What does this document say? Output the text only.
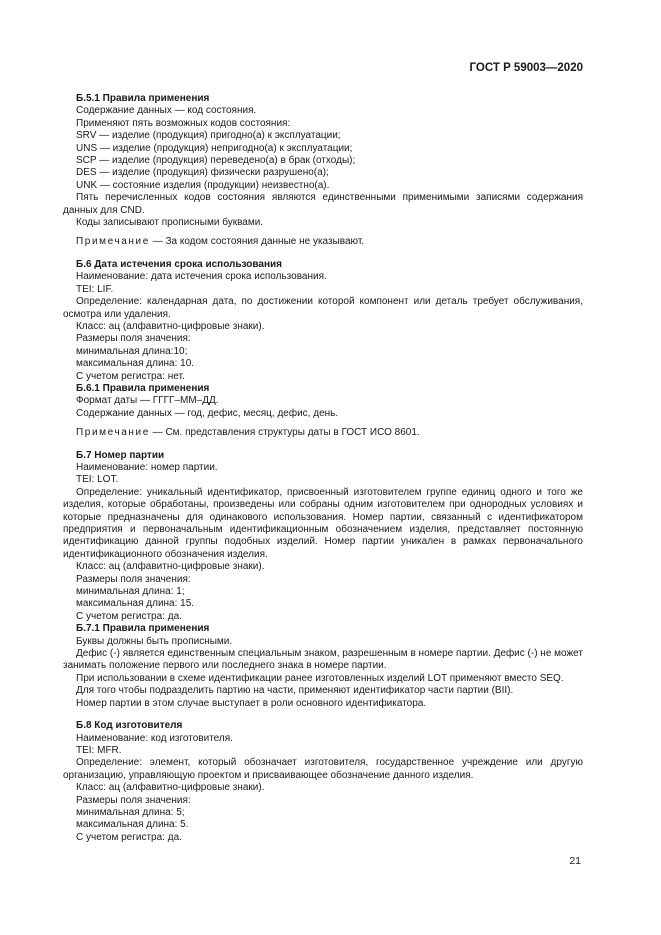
ГОСТ Р 59003—2020

Б.5.1 Правила применения

Содержание данных — код состояния.

Применяют пять возможных кодов состояния:

SRV — изделие (продукция) пригодно(а) к эксплуатации;

UNS — изделие (продукция) непригодно(а) к эксплуатации;

SCP — изделие (продукция) переведено(а) в брак (отходы);

DES — изделие (продукция) физически разрушено(а);

UNK — состояние изделия (продукции) неизвестно(а).

Пять перечисленных кодов состояния являются единственными применимыми записями содержания данных для CND.

Коды записывают прописными буквами.

Примечание — За кодом состояния данные не указывают.

Б.6 Дата истечения срока использования

Наименование: дата истечения срока использования.

TEI: LIF.

Определение: календарная дата, по достижении которой компонент или деталь требует обслуживания, осмотра или удаления.

Класс: ац (алфавитно-цифровые знаки).

Размеры поля значения:

минимальная длина:10;

максимальная длина: 10.

С учетом регистра: нет.

Б.6.1 Правила применения

Формат даты — ГГГГ–ММ–ДД.

Содержание данных — год, дефис, месяц, дефис, день.

Примечание — См. представления структуры даты в ГОСТ ИСО 8601.

Б.7 Номер партии

Наименование: номер партии.

TEI: LOT.

Определение: уникальный идентификатор, присвоенный изготовителем группе единиц одного и того же изделия, которые обработаны, произведены или собраны одним изготовителем при однородных условиях и которые предназначены для одинакового использования. Номер партии, связанный с идентификатором предприятия и первоначальным идентификационным обозначением изделия, представляет постоянную идентификацию данной группы подобных изделий. Номер партии уникален в рамках первоначального идентификационного обозначения изделия.

Класс: ац (алфавитно-цифровые знаки).

Размеры поля значения:

минимальная длина: 1;

максимальная длина: 15.

С учетом регистра: да.

Б.7.1 Правила применения

Буквы должны быть прописными.

Дефис (-) является единственным специальным знаком, разрешенным в номере партии. Дефис (-) не может занимать положение первого или последнего знака в номере партии.

При использовании в схеме идентификации ранее изготовленных изделий LOT применяют вместо SEQ.

Для того чтобы подразделить партию на части, применяют идентификатор части партии (BII).

Номер партии в этом случае выступает в роли основного идентификатора.

Б.8 Код изготовителя

Наименование: код изготовителя.

TEI: MFR.

Определение: элемент, который обозначает изготовителя, государственное учреждение или другую организацию, управляющую проектом и присваивающее обозначение данного изделия.

Класс: ац (алфавитно-цифровые знаки).

Размеры поля значения:

минимальная длина: 5;

максимальная длина: 5.

С учетом регистра: да.

21
